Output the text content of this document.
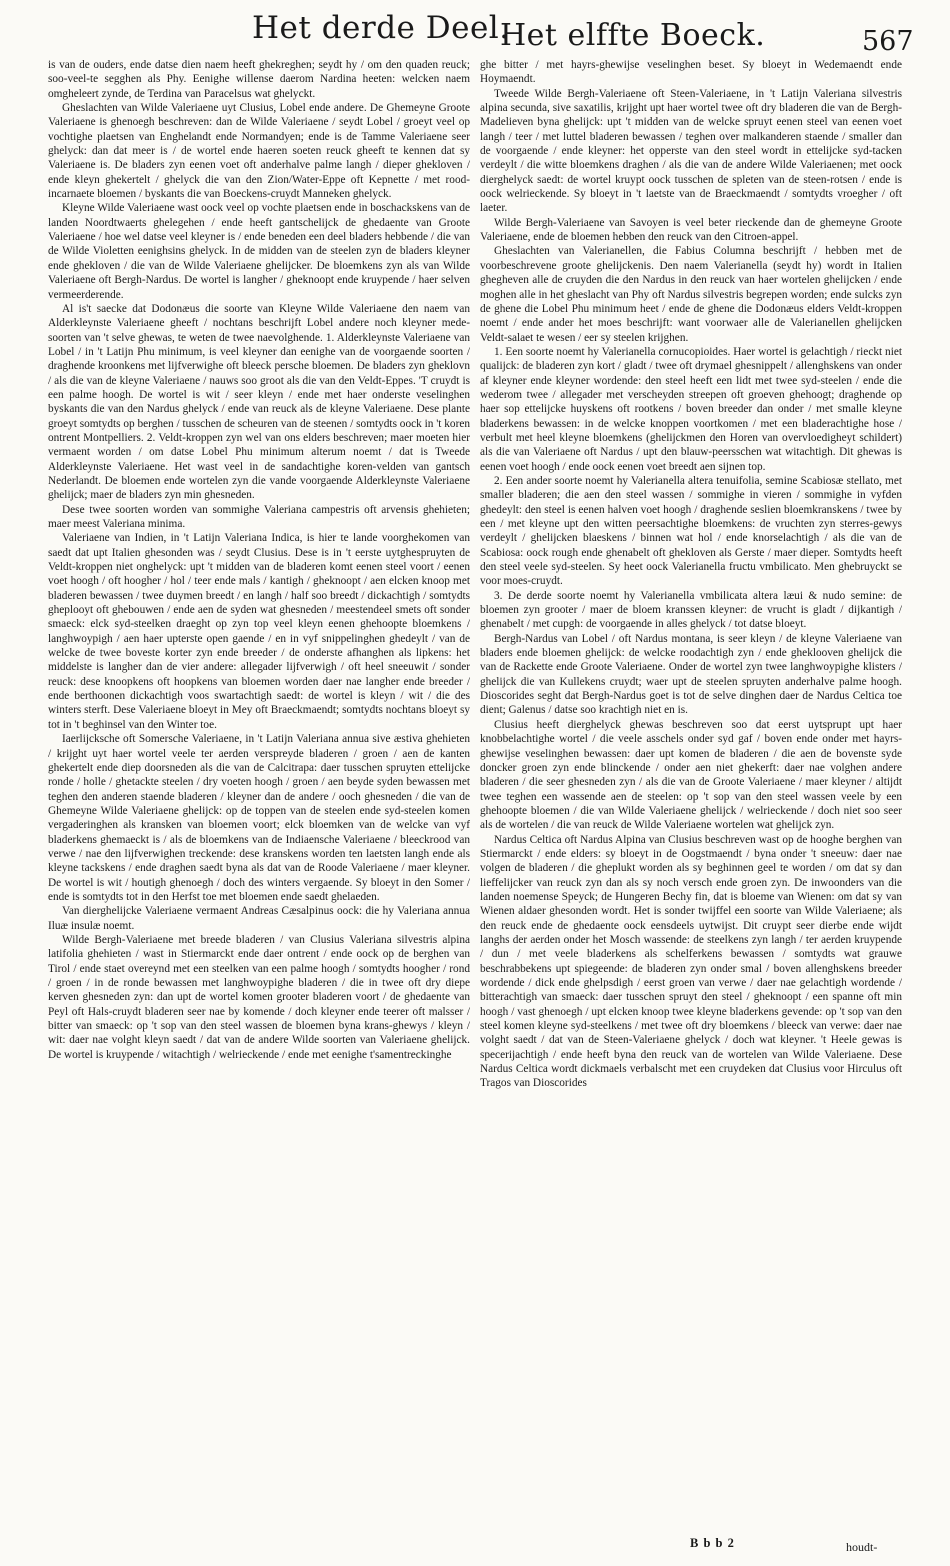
Het derde Deel.
Het elffte Boeck.	567

is van de ouders, ende datse dien naem heeft ghekreghen; seydt hy / om den quaden reuck; soo-veel-te segghen als Phy. Eenighe willense daerom Nardina heeten: welcken naem omgheleert zynde, de Terdina van Paracelsus wat ghelyckt.

Gheslachten van Wilde Valeriaene uyt Clusius, Lobel ende andere. De Ghemeyne Groote Valeriaene is ghenoegh beschreven: dan de Wilde Valeriaene / seydt Lobel / groeyt veel op vochtighe plaetsen van Enghelandt ende Normandyen; ende is de Tamme Valeriaene seer ghelyck: dan dat meer is / de wortel ende haeren soeten reuck gheeft te kennen dat sy Valeriaene is. De bladers zyn eenen voet oft anderhalve palme langh / dieper ghekloven / ende kleyn ghekertelt / ghelyck die van den Zion/Water-Eppe oft Kepnette / met rood-incarnaete bloemen / byskants die van Boeckens-cruydt Manneken ghelyck.

Kleyne Wilde Valeriaene wast oock veel op vochte plaetsen ende in boschackskens van de landen Noordtwaerts ghelegehen / ende heeft gantschelijck de ghedaente van Groote Valeriaene / hoe wel datse veel kleyner is / ende beneden een deel bladers hebbende / die van de Wilde Violetten eenighsins ghelyck. In de midden van de steelen zyn de bladers kleyner ende ghekloven / die van de Wilde Valeriaene ghelijcker. De bloemkens zyn als van Wilde Valeriaene oft Bergh-Nardus. De wortel is langher / gheknoopt ende kruypende / haer selven vermeerderende.

Al is't saecke dat Dodonæus die soorte van Kleyne Wilde Valeriaene den naem van Alderkleynste Valeriaene gheeft / nochtans beschrijft Lobel andere noch kleyner mede-soorten van 't selve ghewas, te weten de twee naevolghende. 1. Alderkleynste Valeriaene van Lobel / in 't Latijn Phu minimum, is veel kleyner dan eenighe van de voorgaende soorten / draghende kroonkens met lijfverwighe oft bleeck persche bloemen. De bladers zyn gheklovn / als die van de kleyne Valeriaene / nauws soo groot als die van den Veldt-Eppes. 'T cruydt is een palme hoogh. De wortel is wit / seer kleyn / ende met haer onderste veselinghen byskants die van den Nardus ghelyck / ende van reuck als de kleyne Valeriaene. Dese plante groeyt somtydts op berghen / tusschen de scheuren van de steenen / somtydts oock in 't koren ontrent Montpelliers. 2. Veldt-kroppen zyn wel van ons elders beschreven; maer moeten hier vermaent worden / om datse Lobel Phu minimum alterum noemt / dat is Tweede Alderkleynste Valeriaene. Het wast veel in de sandachtighe koren-velden van gantsch Nederlandt. De bloemen ende wortelen zyn die vande voorgaende Alderkleynste Valeriaene ghelijck; maer de bladers zyn min ghesneden.

Dese twee soorten worden van sommighe Valeriana campestris oft arvensis ghehieten; maer meest Valeriana minima.

Valeriaene van Indien, in 't Latijn Valeriana Indica, is hier te lande voorghekomen van saedt dat upt Italien ghesonden was / seydt Clusius. Dese is in 't eerste uytghespruyten de Veldt-kroppen niet onghelyck: upt 't midden van de bladeren komt eenen steel voort / eenen voet hoogh / oft hoogher / hol / teer ende mals / kantigh / gheknoopt / aen elcken knoop met bladeren bewassen / twee duymen breedt / en langh / half soo breedt / dickachtigh / somtydts gheplooyt oft ghebouwen / ende aen de syden wat ghesneden / meestendeel smets oft sonder smaeck: elck syd-steelken draeght op zyn top veel kleyn eenen ghehoopte bloemkens / langhwoypigh / aen haer upterste open gaende / en in vyf snippelinghen ghedeylt / van de welcke de twee boveste korter zyn ende breeder / de onderste afhanghen als lipkens: het middelste is langher dan de vier andere: allegader lijfverwigh / oft heel sneeuwit / sonder reuck: dese knoopkens oft hoopkens van bloemen worden daer nae langher ende breeder / ende berthoonen dickachtigh voos swartachtigh saedt: de wortel is kleyn / wit / die des winters sterft. Dese Valeriaene bloeyt in Mey oft Braeckmaendt; somtydts nochtans bloeyt sy tot in 't beghinsel van den Winter toe.

Iaerlijcksche oft Somersche Valeriaene, in 't Latijn Valeriana annua sive æstiva ghehieten / krijght uyt haer wortel veele ter aerden verspreyde bladeren / groen / aen de kanten ghekertelt ende diep doorsneden als die van de Calcitrapa: daer tusschen spruyten ettelijcke ronde / holle / ghetackte steelen / dry voeten hoogh / groen / aen beyde syden bewassen met teghen den anderen staende bladeren / kleyner dan de andere / ooch ghesneden / die van de Ghemeyne Wilde Valeriaene ghelijck: op de toppen van de steelen ende syd-steelen komen vergaderinghen als kransken van bloemen voort; elck bloemken van de welcke van vyf bladerkens ghemaeckt is / als de bloemkens van de Indiaensche Valeriaene / bleeckrood van verwe / nae den lijfverwighen treckende: dese kranskens worden ten laetsten langh ende als kleyne tackskens / ende draghen saedt byna als dat van de Roode Valeriaene / maer kleyner. De wortel is wit / houtigh ghenoegh / doch des winters vergaende. Sy bloeyt in den Somer / ende is somtydts tot in den Herfst toe met bloemen ende saedt ghelaeden.

Van dierghelijcke Valeriaene vermaent Andreas Cæsalpinus oock: die hy Valeriana annua Iluæ insulæ noemt.

Wilde Bergh-Valeriaene met breede bladeren / van Clusius Valeriana silvestris alpina latifolia ghehieten / wast in Stiermarckt ende daer ontrent / ende oock op de berghen van Tirol / ende staet overeynd met een steelken van een palme hoogh / somtydts hoogher / rond / groen / in de ronde bewassen met langhwoypighe bladeren / die in twee oft dry diepe kerven ghesneden zyn: dan upt de wortel komen grooter bladeren voort / de ghedaente van Peyl oft Hals-cruydt bladeren seer nae by komende / doch kleyner ende teerer oft malsser / bitter van smaeck: op 't sop van den steel wassen de bloemen byna krans-ghewys / kleyn / wit: daer nae volght kleyn saedt / dat van de andere Wilde soorten van Valeriaene ghelijck. De wortel is kruypende / witachtigh / welrieckende / ende met eenighe t'samentreckinghe

ghe bitter / met hayrs-ghewijse veselinghen beset. Sy bloeyt in Wedemaendt ende Hoymaendt.

Tweede Wilde Bergh-Valeriaene oft Steen-Valeriaene, in 't Latijn Valeriana silvestris alpina secunda, sive saxatilis, krijght upt haer wortel twee oft dry bladeren die van de Bergh-Madelieven byna ghelijck: upt 't midden van de welcke spruyt eenen steel van eenen voet langh / teer / met luttel bladeren bewassen / teghen over malkanderen staende / smaller dan de voorgaende / ende kleyner: het opperste van den steel wordt in ettelijcke syd-tacken verdeylt / die witte bloemkens draghen / als die van de andere Wilde Valeriaenen; met oock dierghelyck saedt: de wortel kruypt oock tusschen de spleten van de steen-rotsen / ende is oock welrieckende. Sy bloeyt in 't laetste van de Braeckmaendt / somtydts vroegher / oft laeter.

Wilde Bergh-Valeriaene van Savoyen is veel beter rieckende dan de ghemeyne Groote Valeriaene, ende de bloemen hebben den reuck van den Citroen-appel.

Gheslachten van Valerianellen, die Fabius Columna beschrijft / hebben met de voorbeschrevene groote ghelijckenis. Den naem Valerianella (seydt hy) wordt in Italien ghegheven alle de cruyden die den Nardus in den reuck van haer wortelen ghelijcken / ende moghen alle in het gheslacht van Phy oft Nardus silvestris begrepen worden; ende sulcks zyn de ghene die Lobel Phu minimum heet / ende de ghene die Dodonæus elders Veldt-kroppen noemt / ende ander het moes beschrijft: want voorwaer alle de Valerianellen ghelijcken Veldt-salaet te wesen / eer sy steelen krijghen.

1. Een soorte noemt hy Valerianella cornucopioides. Haer wortel is gelachtigh / rieckt niet qualijck: de bladeren zyn kort / gladt / twee oft drymael ghesnippelt / allenghskens van onder af kleyner ende kleyner wordende: den steel heeft een lidt met twee syd-steelen / ende die wederom twee / allegader met verscheyden streepen oft groeven ghehoogt; draghende op haer sop ettelijcke huyskens oft rootkens / boven breeder dan onder / met smalle kleyne bladerkens bewassen: in de welcke knoppen voortkomen / met een bladerachtighe hose / verbult met heel kleyne bloemkens (ghelijckmen den Horen van overvloedigheyt schildert) als die van Valeriaene oft Nardus / upt den blauw-peersschen wat witachtigh. Dit ghewas is eenen voet hoogh / ende oock eenen voet breedt aen sijnen top.

2. Een ander soorte noemt hy Valerianella altera tenuifolia, semine Scabiosæ stellato, met smaller bladeren; die aen den steel wassen / sommighe in vieren / sommighe in vyfden ghedeylt: den steel is eenen halven voet hoogh / draghende seslien bloemkranskens / twee by een / met kleyne upt den witten peersachtighe bloemkens: de vruchten zyn sterres-gewys verdeylt / ghelijcken blaeskens / binnen wat hol / ende knorselachtigh / als die van de Scabiosa: oock rough ende ghenabelt oft ghekloven als Gerste / maer dieper. Somtydts heeft den steel veele syd-steelen. Sy heet oock Valerianella fructu vmbilicato. Men ghebruyckt se voor moes-cruydt.

3. De derde soorte noemt hy Valerianella vmbilicata altera læui & nudo semine: de bloemen zyn grooter / maer de bloem kranssen kleyner: de vrucht is gladt / dijkantigh / ghenabelt / met cupgh: de voorgaende in alles ghelyck / tot datse bloeyt.

Bergh-Nardus van Lobel / oft Nardus montana, is seer kleyn / de kleyne Valeriaene van bladers ende bloemen ghelijck: de welcke roodachtigh zyn / ende gheklooven ghelijck die van de Rackette ende Groote Valeriaene. Onder de wortel zyn twee langhwoypighe klisters / ghelijck die van Kullekens cruydt; waer upt de steelen spruyten anderhalve palme hoogh. Dioscorides seght dat Bergh-Nardus goet is tot de selve dinghen daer de Nardus Celtica toe dient; Galenus / datse soo krachtigh niet en is.

Clusius heeft dierghelyck ghewas beschreven soo dat eerst uytsprupt upt haer knobbelachtighe wortel / die veele asschels onder syd gaf / boven ende onder met hayrs-ghewijse veselinghen bewassen: daer upt komen de bladeren / die aen de bovenste syde doncker groen zyn ende blinckende / onder aen niet ghekerft: daer nae volghen andere bladeren / die seer ghesneden zyn / als die van de Groote Valeriaene / maer kleyner / altijdt twee teghen een wassende aen de steelen: op 't sop van den steel wassen veele by een ghehoopte bloemen / die van Wilde Valeriaene ghelijck / welrieckende / doch niet soo seer als de wortelen / die van reuck de Wilde Valeriaene wortelen wat ghelijck zyn.

Nardus Celtica oft Nardus Alpina van Clusius beschreven wast op de hooghe berghen van Stiermarckt / ende elders: sy bloeyt in de Oogstmaendt / byna onder 't sneeuw: daer nae volgen de bladeren / die gheplukt worden als sy beghinnen geel te worden / om dat sy dan lieffelijcker van reuck zyn dan als sy noch versch ende groen zyn. De inwoonders van die landen noemense Speyck; de Hungeren Bechy fin, dat is bloeme van Wienen: om dat sy van Wienen aldaer ghesonden wordt. Het is sonder twijffel een soorte van Wilde Valeriaene; als den reuck ende de ghedaente oock eensdeels uytwijst. Dit cruypt seer dierbe ende wijdt langhs der aerden onder het Mosch wassende: de steelkens zyn langh / ter aerden kruypende / dun / met veele bladerkens als schelferkens bewassen / somtydts wat grauwe beschrabbekens upt spiegeende: de bladeren zyn onder smal / boven allenghskens breeder wordende / dick ende ghelpsdigh / eerst groen van verwe / daer nae gelachtigh wordende / bitterachtigh van smaeck: daer tusschen spruyt den steel / gheknoopt / een spanne oft min hoogh / vast ghenoegh / upt elcken knoop twee kleyne bladerkens gevende: op 't sop van den steel komen kleyne syd-steelkens / met twee oft dry bloemkens / bleeck van verwe: daer nae volght saedt / dat van de Steen-Valeriaene ghelyck / doch wat kleyner. 't Heele gewas is specerijachtigh / ende heeft byna den reuck van de wortelen van Wilde Valeriaene. Dese Nardus Celtica wordt dickmaels verbalscht met een cruydeken dat Clusius voor Hirculus oft Tragos van Dioscorides

B b b 2	houdt-
